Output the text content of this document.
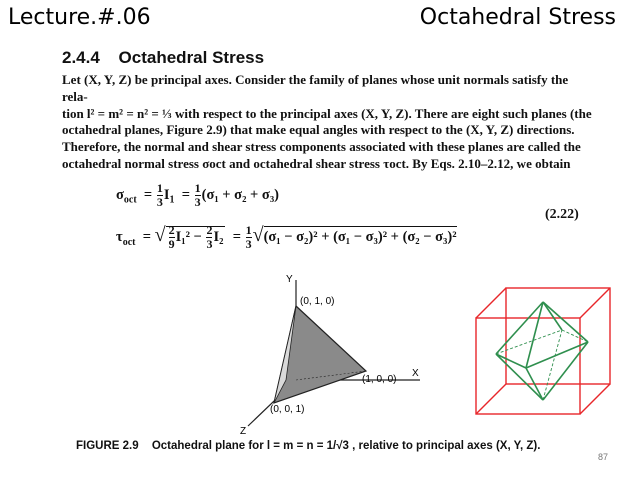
Lecture.#.06	Octahedral Stress
2.4.4 Octahedral Stress
Let (X, Y, Z) be principal axes. Consider the family of planes whose unit normals satisfy the rela-
tion l² = m² = n² = ⅓ with respect to the principal axes (X, Y, Z). There are eight such planes (the
octahedral planes, Figure 2.9) that make equal angles with respect to the (X, Y, Z) directions.
Therefore, the normal and shear stress components associated with these planes are called the
octahedral normal stress σoct and octahedral shear stress τoct. By Eqs. 2.10–2.12, we obtain
$\sigma_{oct} = \frac{1}{3} I_1 = \frac{1}{3} (\sigma_1 + \sigma_2 + \sigma_3)$
$\tau_{oct}$  = √ $\frac{2}{9} I_1^2 - \frac{2}{3} I_2 = \frac{1}{3} √(\sigma_1 - \sigma_2)^2 + (\sigma_1 - \sigma_3)^2 + (\sigma_2 - \sigma_3)^2$
(2.22)
Y
X
Z
(0, 1, 0)
(1, 0, 0)
(0, 0, 1)
FIGURE 2.9 Octahedral plane for l = m = n = 1/√3 , relative to principal axes (X, Y, Z).
87
